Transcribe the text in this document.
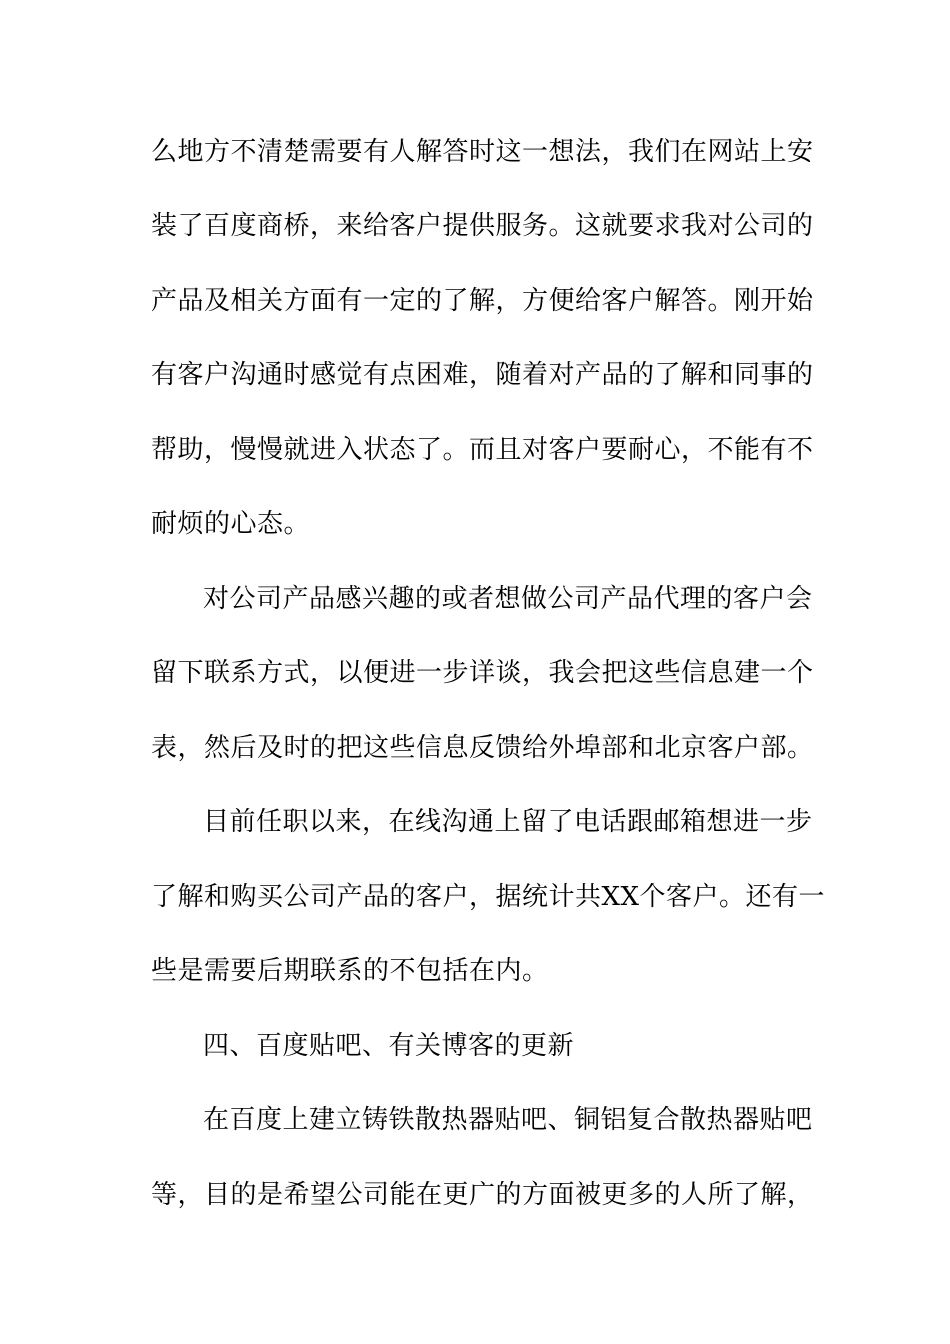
么地方不清楚需要有人解答时这一想法，我们在网站上安
装了百度商桥，来给客户提供服务。这就要求我对公司的
产品及相关方面有一定的了解，方便给客户解答。刚开始
有客户沟通时感觉有点困难，随着对产品的了解和同事的
帮助，慢慢就进入状态了。而且对客户要耐心，不能有不
耐烦的心态。
对公司产品感兴趣的或者想做公司产品代理的客户会
留下联系方式，以便进一步详谈，我会把这些信息建一个
表，然后及时的把这些信息反馈给外埠部和北京客户部。
目前任职以来，在线沟通上留了电话跟邮箱想进一步
了解和购买公司产品的客户，据统计共XX个客户。还有一
些是需要后期联系的不包括在内。
四、百度贴吧、有关博客的更新
在百度上建立铸铁散热器贴吧、铜铝复合散热器贴吧
等，目的是希望公司能在更广的方面被更多的人所了解，
